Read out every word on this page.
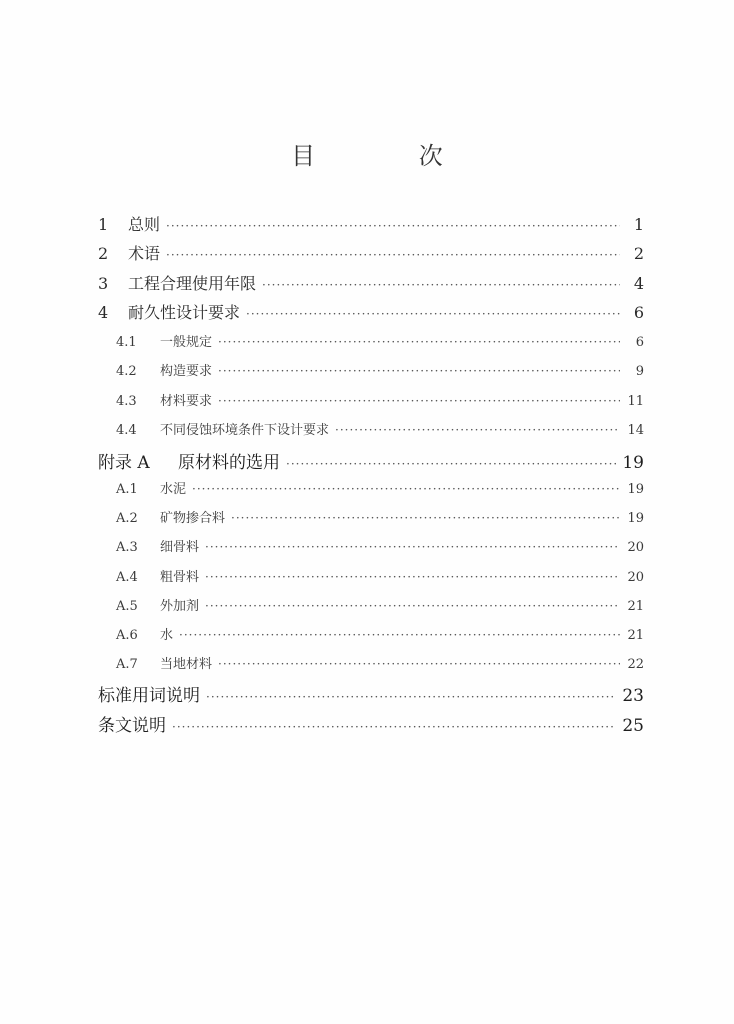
目 次
1	总则 ·····	1
2	术语 ·····	2
3	工程合理使用年限 ·····	4
4	耐久性设计要求 ·····	6
4.1	一般规定 ·····	6
4.2	构造要求 ·····	9
4.3	材料要求 ·····	11
4.4	不同侵蚀环境条件下设计要求 ·····	14
附录 A	原材料的选用 ·····	19
A.1	水泥 ·····	19
A.2	矿物掺合料 ·····	19
A.3	细骨料 ·····	20
A.4	粗骨料 ·····	20
A.5	外加剂 ·····	21
A.6	水 ·····	21
A.7	当地材料 ·····	22
标准用词说明 ·····	23
条文说明 ·····	25
